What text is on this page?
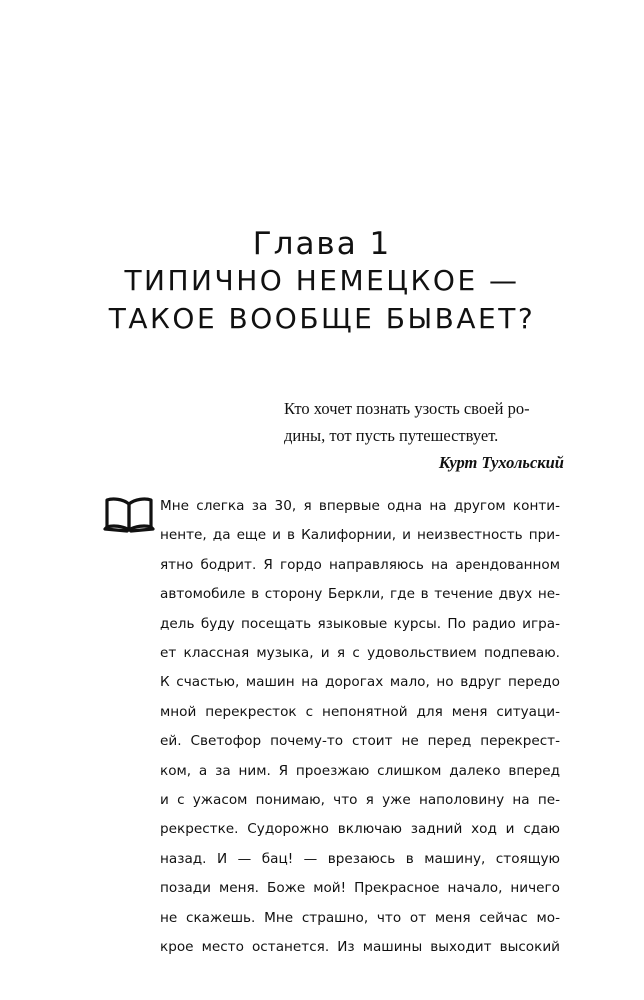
Глава 1
ТИПИЧНО НЕМЕЦКОЕ —
ТАКОЕ ВООБЩЕ БЫВАЕТ?
Кто хочет познать узость своей ро-
дины, тот пусть путешествует.
Курт Тухольский
Мне слегка за 30, я впервые одна на другом конти-
ненте, да еще и в Калифорнии, и неизвестность при-
ятно бодрит. Я гордо направляюсь на арендованном
автомобиле в сторону Беркли, где в течение двух не-
дель буду посещать языковые курсы. По радио игра-
ет классная музыка, и я с удовольствием подпеваю.
К счастью, машин на дорогах мало, но вдруг передо
мной перекресток с непонятной для меня ситуаци-
ей. Светофор почему-то стоит не перед перекрест-
ком, а за ним. Я проезжаю слишком далеко вперед
и с ужасом понимаю, что я уже наполовину на пе-
рекрестке. Судорожно включаю задний ход и сдаю
назад. И — бац! — врезаюсь в машину, стоящую
позади меня. Боже мой! Прекрасное начало, ничего
не скажешь. Мне страшно, что от меня сейчас мо-
крое место останется. Из машины выходит высокий
